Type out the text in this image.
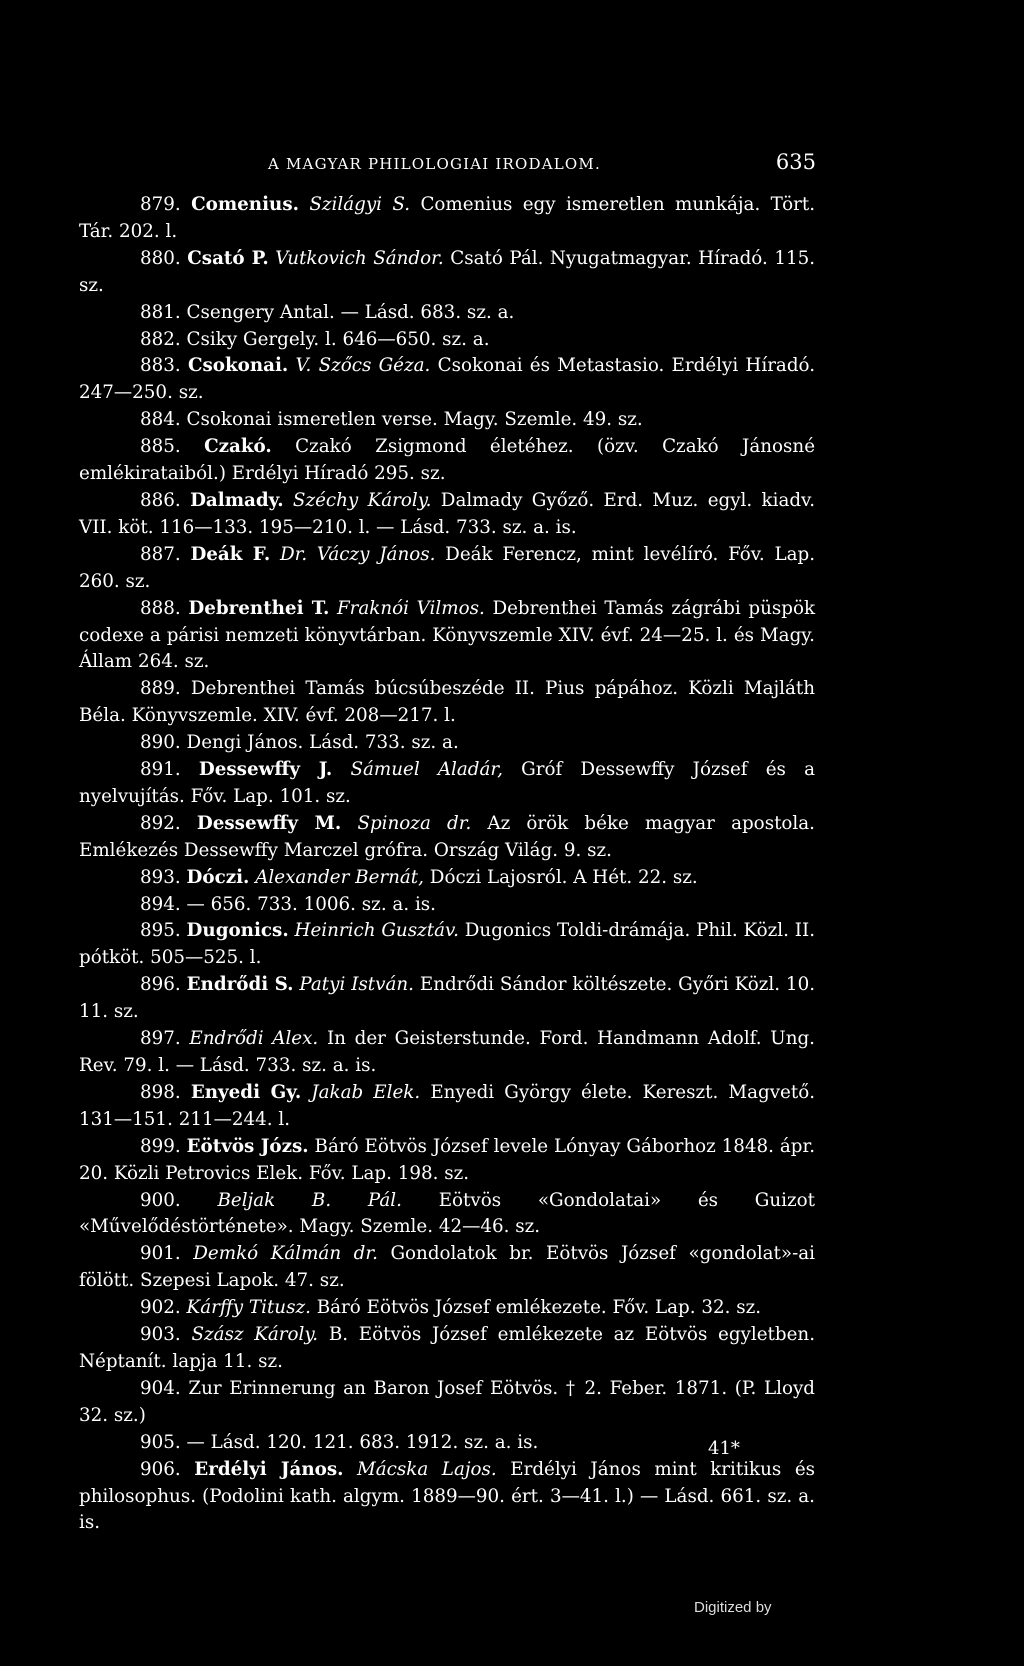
A MAGYAR PHILOLOGIAI IRODALOM.	635

879. Comenius. Szilágyi S. Comenius egy ismeretlen munkája. Tört. Tár. 202. l.

880. Csató P. Vutkovich Sándor. Csató Pál. Nyugatmagyar. Híradó. 115. sz.

881. Csengery Antal. — Lásd. 683. sz. a.

882. Csiky Gergely. l. 646—650. sz. a.

883. Csokonai. V. Szőcs Géza. Csokonai és Metastasio. Erdélyi Híradó. 247—250. sz.

884. Csokonai ismeretlen verse. Magy. Szemle. 49. sz.

885. Czakó. Czakó Zsigmond életéhez. (özv. Czakó Jánosné emlékirataiból.) Erdélyi Híradó 295. sz.

886. Dalmady. Széchy Károly. Dalmady Győző. Erd. Muz. egyl. kiadv. VII. köt. 116—133. 195—210. l. — Lásd. 733. sz. a. is.

887. Deák F. Dr. Váczy János. Deák Ferencz, mint levélíró. Főv. Lap. 260. sz.

888. Debrenthei T. Fraknói Vilmos. Debrenthei Tamás zágrábi püspök codexe a párisi nemzeti könyvtárban. Könyvszemle XIV. évf. 24—25. l. és Magy. Állam 264. sz.

889. Debrenthei Tamás búcsúbeszéde II. Pius pápához. Közli Majláth Béla. Könyvszemle. XIV. évf. 208—217. l.

890. Dengi János. Lásd. 733. sz. a.

891. Dessewffy J. Sámuel Aladár, Gróf Dessewffy József és a nyelvujítás. Főv. Lap. 101. sz.

892. Dessewffy M. Spinoza dr. Az örök béke magyar apostola. Emlékezés Dessewffy Marczel grófra. Ország Világ. 9. sz.

893. Dóczi. Alexander Bernát, Dóczi Lajosról. A Hét. 22. sz.

894. — 656. 733. 1006. sz. a. is.

895. Dugonics. Heinrich Gusztáv. Dugonics Toldi-drámája. Phil. Közl. II. pótköt. 505—525. l.

896. Endrődi S. Patyi István. Endrődi Sándor költészete. Győri Közl. 10. 11. sz.

897. Endrődi Alex. In der Geisterstunde. Ford. Handmann Adolf. Ung. Rev. 79. l. — Lásd. 733. sz. a. is.

898. Enyedi Gy. Jakab Elek. Enyedi György élete. Kereszt. Magvető. 131—151. 211—244. l.

899. Eötvös Józs. Báró Eötvös József levele Lónyay Gáborhoz 1848. ápr. 20. Közli Petrovics Elek. Főv. Lap. 198. sz.

900. Beljak B. Pál. Eötvös «Gondolatai» és Guizot «Művelődéstörténete». Magy. Szemle. 42—46. sz.

901. Demkó Kálmán dr. Gondolatok br. Eötvös József «gondolat»-ai fölött. Szepesi Lapok. 47. sz.

902. Kárffy Titusz. Báró Eötvös József emlékezete. Főv. Lap. 32. sz.

903. Szász Károly. B. Eötvös József emlékezete az Eötvös egyletben. Néptanít. lapja 11. sz.

904. Zur Erinnerung an Baron Josef Eötvös. † 2. Feber. 1871. (P. Lloyd 32. sz.)

905. — Lásd. 120. 121. 683. 1912. sz. a. is.

906. Erdélyi János. Mácska Lajos. Erdélyi János mint kritikus és philosophus. (Podolini kath. algym. 1889—90. ért. 3—41. l.) — Lásd. 661. sz. a. is.

41*
Digitized by
